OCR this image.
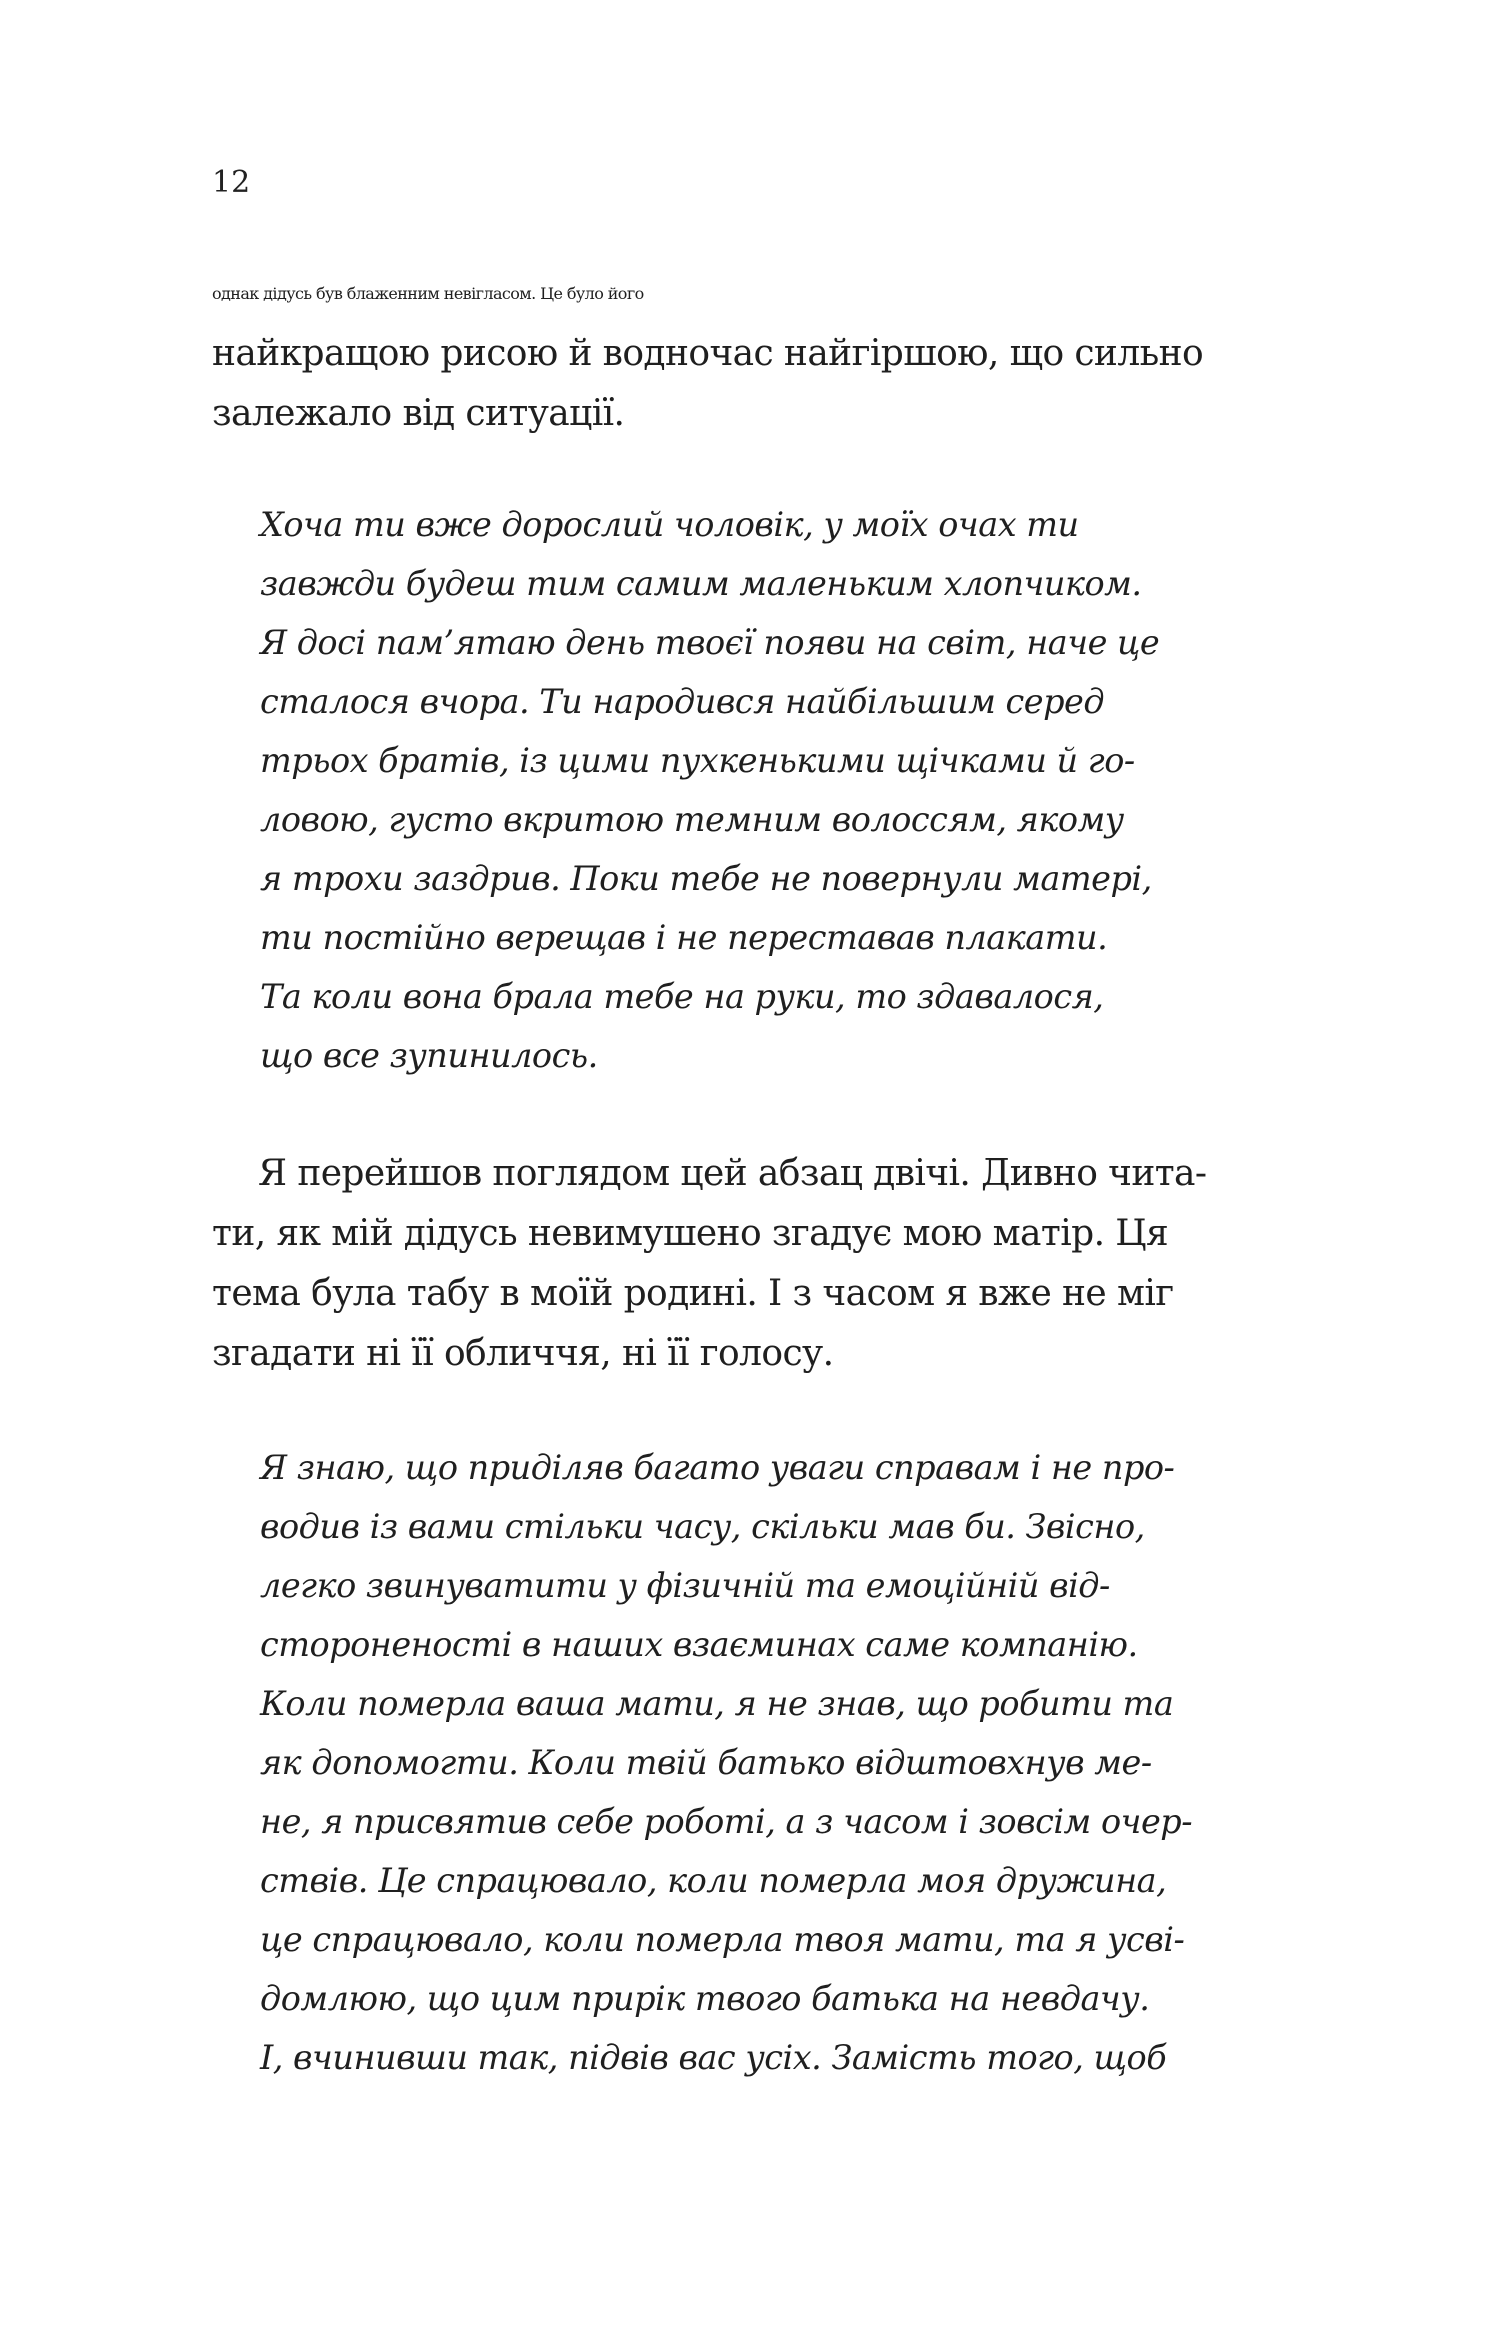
12
однак дідусь був блаженним невігласом. Це було його
найкращою рисою й водночас найгіршою, що сильно
залежало від ситуації.
Хоча ти вже дорослий чоловік, у моїх очах ти
завжди будеш тим самим маленьким хлопчиком.
Я досі пам’ятаю день твоєї появи на світ, наче це
сталося вчора. Ти народився найбільшим серед
трьох братів, із цими пухкенькими щічками й го-
ловою, густо вкритою темним волоссям, якому
я трохи заздрив. Поки тебе не повернули матері,
ти постійно верещав і не переставав плакати.
Та коли вона брала тебе на руки, то здавалося,
що все зупинилось.
Я перейшов поглядом цей абзац двічі. Дивно чита-
ти, як мій дідусь невимушено згадує мою матір. Ця
тема була табу в моїй родині. І з часом я вже не міг
згадати ні її обличчя, ні її голосу.
Я знаю, що приділяв багато уваги справам і не про-
водив із вами стільки часу, скільки мав би. Звісно,
легко звинуватити у фізичній та емоційній від-
стороненості в наших взаєминах саме компанію.
Коли померла ваша мати, я не знав, що робити та
як допомогти. Коли твій батько відштовхнув ме-
не, я присвятив себе роботі, а з часом і зовсім очер-
ствів. Це спрацювало, коли померла моя дружина,
це спрацювало, коли померла твоя мати, та я усві-
домлюю, що цим прирік твого батька на невдачу.
І, вчинивши так, підвів вас усіх. Замість того, щоб
